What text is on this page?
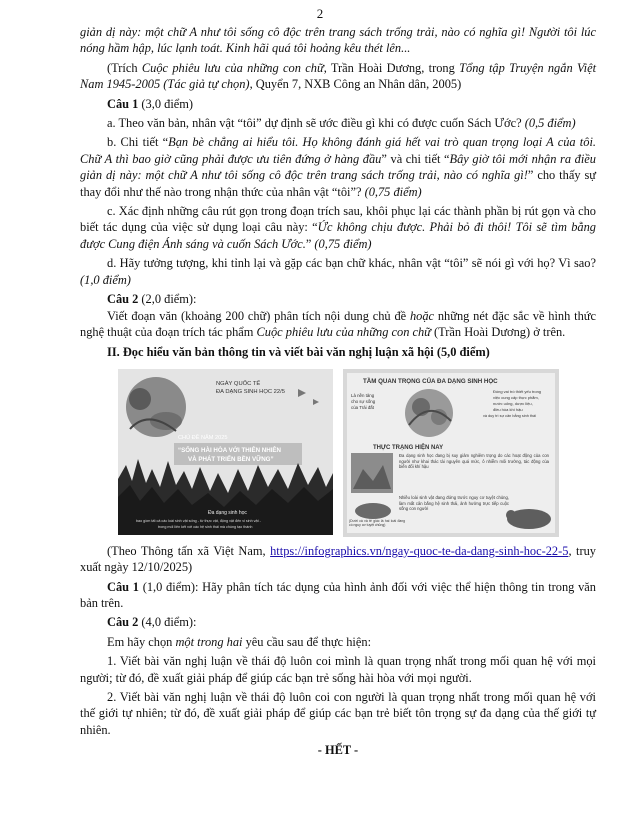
2

giản dị này: một chữ A như tôi sống cô độc trên trang sách trống trải, nào có nghĩa gì! Người tôi lúc nóng hầm hập, lúc lạnh toát. Kinh hãi quá tôi hoảng kêu thét lên...

(Trích Cuộc phiêu lưu của những con chữ, Trần Hoài Dương, trong Tổng tập Truyện ngắn Việt Nam 1945-2005 (Tác giả tự chọn), Quyển 7, NXB Công an Nhân dân, 2005)

Câu 1 (3,0 điểm)

a. Theo văn bản, nhân vật “tôi” dự định sẽ ước điều gì khi có được cuốn Sách Ước? (0,5 điểm)

b. Chi tiết “Bạn bè chẳng ai hiểu tôi. Họ không đánh giá hết vai trò quan trọng loại A của tôi. Chữ A thì bao giờ cũng phải được ưu tiên đứng ở hàng đầu” và chi tiết “Bây giờ tôi mới nhận ra điều giản dị này: một chữ A như tôi sống cô độc trên trang sách trống trải, nào có nghĩa gì!” cho thấy sự thay đổi như thế nào trong nhận thức của nhân vật “tôi”? (0,75 điểm)

c. Xác định những câu rút gọn trong đoạn trích sau, khôi phục lại các thành phần bị rút gọn và cho biết tác dụng của việc sử dụng loại câu này: “Ức không chịu được. Phải bỏ đi thôi! Tôi sẽ tìm bằng được Cung điện Ánh sáng và cuốn Sách Ước.” (0,75 điểm)

d. Hãy tưởng tượng, khi tỉnh lại và gặp các bạn chữ khác, nhân vật “tôi” sẽ nói gì với họ? Vì sao? (1,0 điểm)

Câu 2 (2,0 điểm):

Viết đoạn văn (khoảng 200 chữ) phân tích nội dung chủ đề hoặc những nét đặc sắc về hình thức nghệ thuật của đoạn trích tác phẩm Cuộc phiêu lưu của những con chữ (Trần Hoài Dương) ở trên.

II. Đọc hiểu văn bản thông tin và viết bài văn nghị luận xã hội (5,0 điểm)

NGÀY QUỐC TẾ
ĐA DẠNG SINH HỌC 22/5
CHỦ ĐỀ NĂM 2025
“SỐNG HÀI HÒA VỚI THIÊN NHIÊN
VÀ PHÁT TRIỂN BỀN VỮNG”
Đa dạng sinh học
bao gồm tất cả các loài sinh vật sống - từ thực vật, động vật đến vi sinh vật -
trong mối liên kết với các hệ sinh thái mà chúng tạo thành
TẦM QUAN TRỌNG CỦA ĐA DẠNG SINH HỌC
Là nền tảng
cho sự sống
của Trái đất
Đóng vai trò thiết yếu trong
việc cung cấp thực phẩm,
nước uống, dược liệu,
điều hòa khí hậu
và duy trì sự cân bằng sinh thái
THỰC TRẠNG HIỆN NAY
Đa dạng sinh học đang bị suy giảm nghiêm trọng do các hoạt động của con người như khai thác tài nguyên quá mức, ô nhiễm môi trường, tác động của biến đổi khí hậu
Nhiều loài sinh vật đang đứng trước nguy cơ tuyệt chủng, làm mất cân bằng hệ sinh thái, ảnh hưởng trực tiếp cuộc sống con người
(Dưới cá và tê giác là hai loài đang có nguy cơ tuyệt chủng)

(Theo Thông tấn xã Việt Nam, https://infographics.vn/ngay-quoc-te-da-dang-sinh-hoc-22-5, truy xuất ngày 12/10/2025)

Câu 1 (1,0 điểm): Hãy phân tích tác dụng của hình ảnh đối với việc thể hiện thông tin trong văn bản trên.

Câu 2 (4,0 điểm):

Em hãy chọn một trong hai yêu cầu sau để thực hiện:

1. Viết bài văn nghị luận về thái độ luôn coi mình là quan trọng nhất trong mối quan hệ với mọi người; từ đó, đề xuất giải pháp để giúp các bạn trẻ sống hài hòa với mọi người.

2. Viết bài văn nghị luận về thái độ luôn coi con người là quan trọng nhất trong mối quan hệ với thế giới tự nhiên; từ đó, đề xuất giải pháp để giúp các bạn trẻ biết tôn trọng sự đa dạng của thế giới tự nhiên.

- HẾT -
